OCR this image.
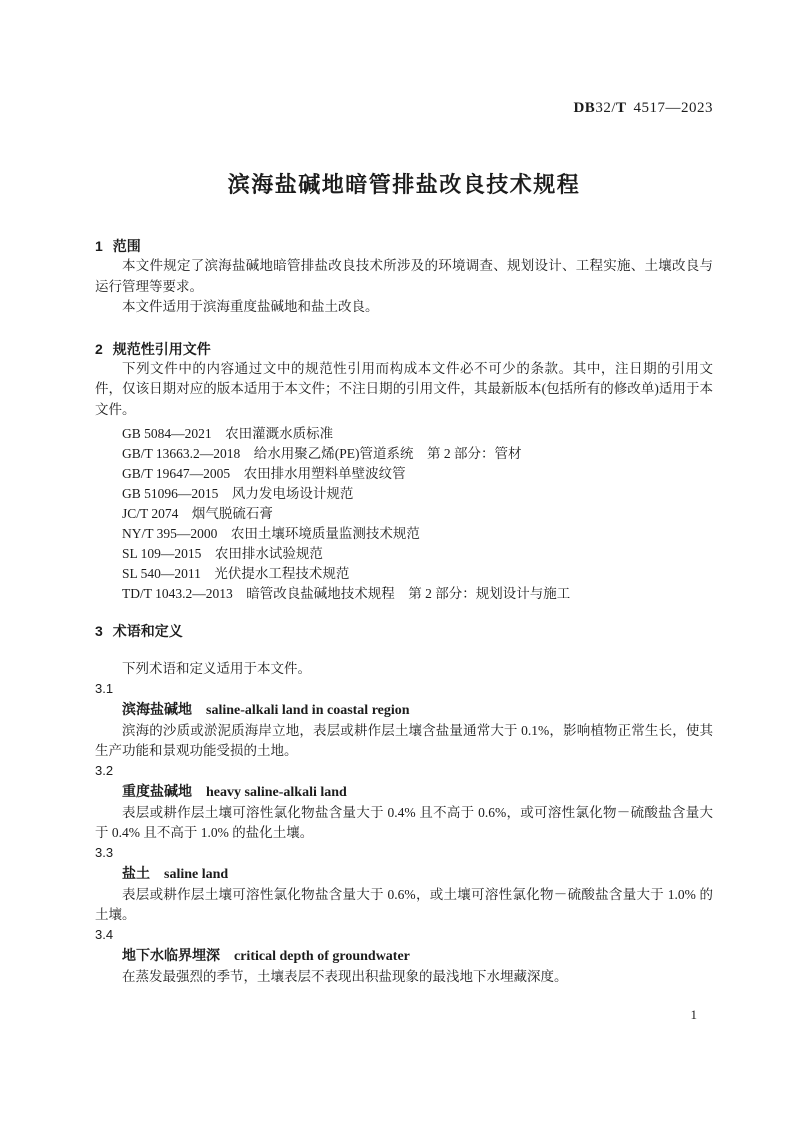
DB32/T 4517—2023
滨海盐碱地暗管排盐改良技术规程
1 范围

本文件规定了滨海盐碱地暗管排盐改良技术所涉及的环境调查、规划设计、工程实施、土壤改良与运行管理等要求。

本文件适用于滨海重度盐碱地和盐土改良。

2 规范性引用文件

下列文件中的内容通过文中的规范性引用而构成本文件必不可少的条款。其中，注日期的引用文件，仅该日期对应的版本适用于本文件；不注日期的引用文件，其最新版本(包括所有的修改单)适用于本文件。

GB 5084—2021　农田灌溉水质标准
GB/T 13663.2—2018　给水用聚乙烯(PE)管道系统　第 2 部分：管材
GB/T 19647—2005　农田排水用塑料单壁波纹管
GB 51096—2015　风力发电场设计规范
JC/T 2074　烟气脱硫石膏
NY/T 395—2000　农田土壤环境质量监测技术规范
SL 109—2015　农田排水试验规范
SL 540—2011　光伏提水工程技术规范
TD/T 1043.2—2013　暗管改良盐碱地技术规程　第 2 部分：规划设计与施工
3 术语和定义
下列术语和定义适用于本文件。
3.1
滨海盐碱地 saline-alkali land in coastal region

滨海的沙质或淤泥质海岸立地，表层或耕作层土壤含盐量通常大于 0.1%，影响植物正常生长，使其生产功能和景观功能受损的土地。

3.2
重度盐碱地 heavy saline-alkali land

表层或耕作层土壤可溶性氯化物盐含量大于 0.4% 且不高于 0.6%，或可溶性氯化物－硫酸盐含量大于 0.4% 且不高于 1.0% 的盐化土壤。

3.3
盐土 saline land

表层或耕作层土壤可溶性氯化物盐含量大于 0.6%，或土壤可溶性氯化物－硫酸盐含量大于 1.0% 的土壤。

3.4
地下水临界埋深 critical depth of groundwater

在蒸发最强烈的季节，土壤表层不表现出积盐现象的最浅地下水埋藏深度。

1
